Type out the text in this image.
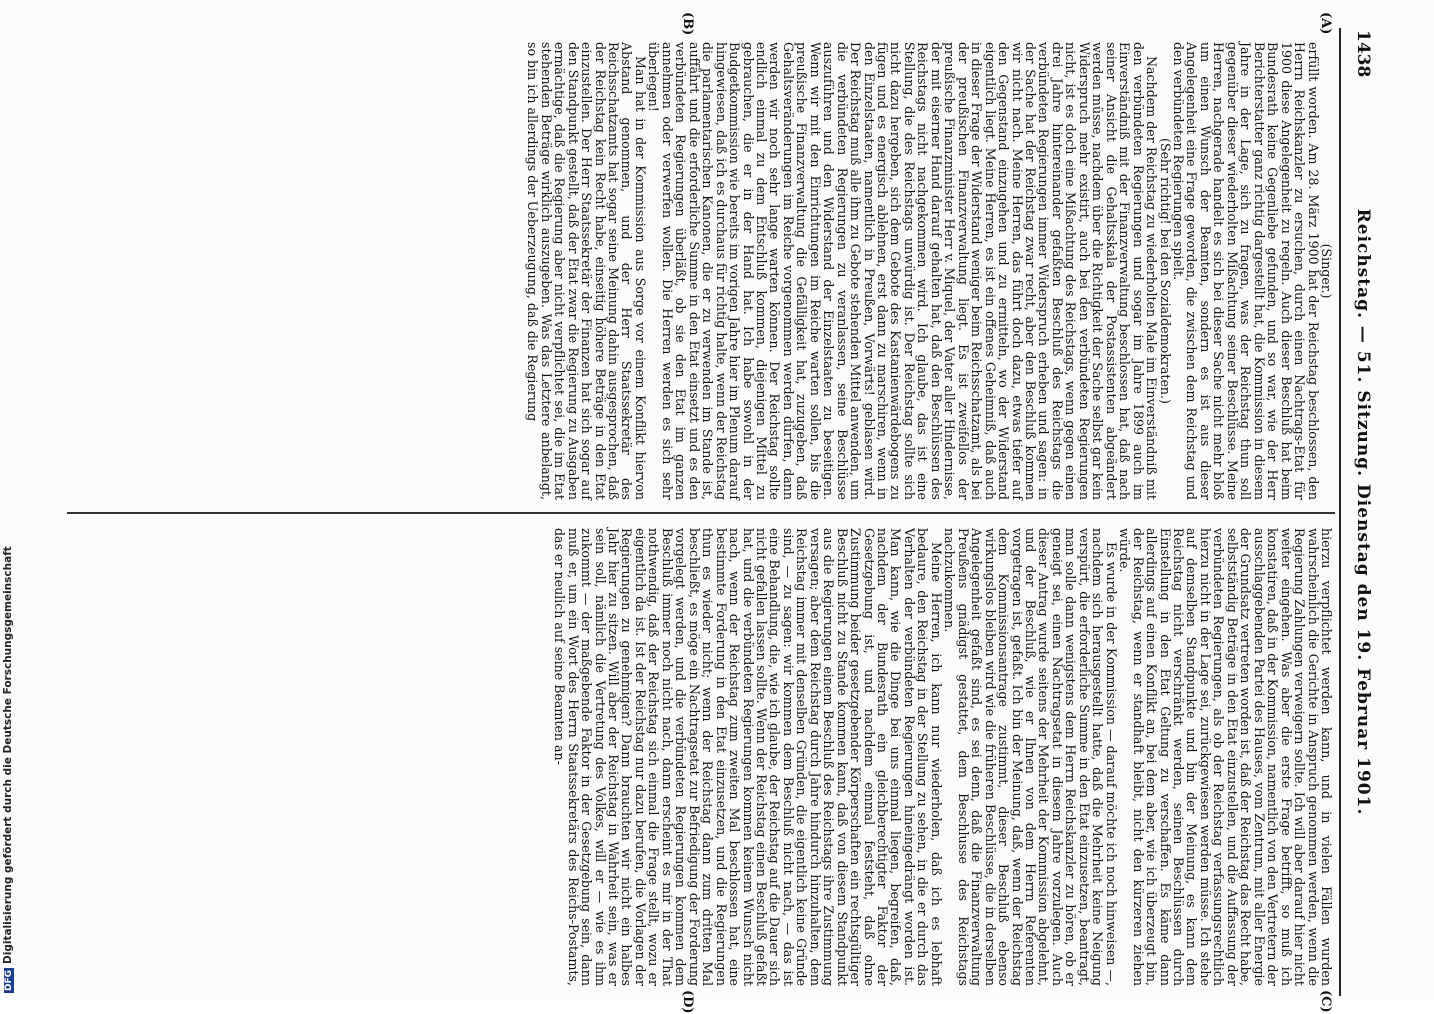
1438
Reichstag. — 51. Sitzung. Dienstag den 19. Februar 1901.
(A)
(B)
(C)
(D)

(Singer.)

erfüllt worden. Am 28. März 1900 hat der Reichstag beschlossen, den Herrn Reichskanzler zu ersuchen, durch einen Nachtrags-Etat für 1900 diese Angelegenheit zu regeln. Auch dieser Beschluß hat beim Bundesrath keine Gegenliebe gefunden, und so war, wie der Herr Berichterstatter ganz richtig dargestellt hat, die Kommission in diesem Jahre in der Lage, sich zu fragen, was der Reichstag thun soll gegenüber dieser wiederholten Mißachtung seiner Beschlüsse. Meine Herren, nachgerade handelt es sich bei dieser Sache nicht mehr bloß um einen Wunsch der Beamten, sondern es ist aus dieser Angelegenheit eine Frage geworden, die zwischen dem Reichstag und den verbündeten Regierungen spielt.

(Sehr richtig! bei den Sozialdemokraten.)

Nachdem der Reichstag zu wiederholten Male im Einverständniß mit den verbündeten Regierungen und sogar im Jahre 1899 auch im Einverständniß mit der Finanzverwaltung beschlossen hat, daß nach seiner Ansicht die Gehaltsskala der Postassistenten abgeändert werden müsse, nachdem über die Richtigkeit der Sache selbst gar kein Widerspruch mehr existirt, auch bei den verbündeten Regierungen nicht, ist es doch eine Mißachtung des Reichstags, wenn gegen einen drei Jahre hintereinander gefaßten Beschluß des Reichstags die verbündeten Regierungen immer Widerspruch erheben und sagen: in der Sache hat der Reichstag zwar recht, aber den Beschluß kommen wir nicht nach. Meine Herren, das führt doch dazu, etwas tiefer auf den Gegenstand einzugehen und zu ermitteln, wo der Widerstand eigentlich liegt. Meine Herren, es ist ein offenes Geheimniß, daß auch in dieser Frage der Widerstand weniger beim Reichsschatzamt, als bei der preußischen Finanzverwaltung liegt. Es ist zweifellos der preußische Finanzminister Herr v. Miquel, der Vater aller Hindernisse, der mit eiserner Hand darauf gehalten hat, daß den Beschlüssen des Reichstags nicht nachgekommen wird. Ich glaube, das ist eine Stellung, die des Reichstags unwürdig ist. Der Reichstag sollte sich nicht dazu hergeben, sich dem Gebote des Kastanienwärdebogens zu fügen und es energisch ablehnen, erst dann zu marschiren, wenn in den Einzelstaaten, namentlich in Preußen, Vorwärts! geblasen wird. Der Reichstag muß alle ihm zu Gebote stehenden Mittel anwenden, um die verbündeten Regierungen zu veranlassen, seine Beschlüsse auszuführen und den Widerstand der Einzelstaaten zu beseitigen. Wenn wir mit den Einrichtungen im Reiche warten sollen, bis die preußische Finanzverwaltung die Gefälligkeit hat, zuzugeben, daß Gehaltsveränderungen im Reiche vorgenommen werden dürfen, dann werden wir noch sehr lange warten können. Der Reichstag sollte endlich einmal zu dem Entschluß kommen, diejenigen Mittel zu gebrauchen, die er in der Hand hat. Ich habe sowohl in der Budgetkommission wie bereits im vorigen Jahre hier im Plenum darauf hingewiesen, daß ich es durchaus für richtig halte, wenn der Reichstag die parlamentarischen Kanonen, die er zu verwenden im Stande ist, auffährt und die erforderliche Summe in den Etat einsetzt und es den verbündeten Regierungen überläßt, ob sie den Etat im ganzen annehmen oder verwerfen wollen. Die Herren werden es sich sehr überlegen!

Man hat in der Kommission aus Sorge vor einem Konflikt hiervon Abstand genommen, und der Herr Staatssekretär des Reichsschatzamts hat sogar seine Meinung dahin ausgesprochen, daß der Reichstag kein Recht habe, einseitig höhere Beträge in den Etat einzustellen. Der Herr Staatssekretär der Finanzen hat sich sogar auf den Standpunkt gestellt, daß der Etat zwar die Regierung zu Ausgaben ermächtige, daß die Regierung aber nicht verpflichtet sei, die im Etat stehenden Beträge wirklich auszugeben. Was das Letztere anbelangt, so bin ich allerdings der Ueberzeugung, daß die Regierung

hierzu verpflichtet werden kann, und in vielen Fällen wurden wahrscheinlich die Gerichte in Anspruch genommen werden, wenn die Regierung Zahlungen verweigern sollte. Ich will aber darauf hier nicht weiter eingehen. Was aber die erste Frage betrifft, so muß ich konstatiren, daß in der Kommission, namentlich von den Vertretern der ausschlaggebenden Partei des Hauses, vom Zentrum, mit aller Energie der Grundsatz vertreten worden ist, daß der Reichstag das Recht habe, selbstständig Beträge in den Etat einzustellen, und die Auffassung der verbündeten Regierungen, als ob der Reichstag verfassungsrechtlich hierzu nicht in der Lage sei, zurückgewiesen werden müsse. Ich stehe auf demselben Standpunkte und bin der Meinung, es kann dem Reichstag nicht verschränkt werden, seinen Beschlüssen durch Einstellung in den Etat Geltung zu verschaffen. Es käme dann allerdings auf einen Konflikt an, bei dem aber, wie ich überzeugt bin, der Reichstag, wenn er standhaft bleibt, nicht den kürzeren ziehen würde.

Es wurde in der Kommission — darauf möchte ich noch hinweisen —, nachdem sich herausgestellt hatte, daß die Mehrheit keine Neigung verspürt, die erforderliche Summe in den Etat einzusetzen, beantragt, man solle dann wenigstens dem Herrn Reichskanzler zu hören, ob er geneigt sei, einen Nachtragsetat in diesem Jahre vorzulegen. Auch dieser Antrag wurde seitens der Mehrheit der Kommission abgelehnt, und der Beschluß, wie er Ihnen von dem Herrn Referenten vorgetragen ist, gefaßt. Ich bin der Meinung, daß, wenn der Reichstag dem Kommissionsantrage zustimmt, dieser Beschluß ebenso wirkungslos bleiben wird wie die früheren Beschlüsse, die in derselben Angelegenheit gefaßt sind, es sei denn, daß die Finanzverwaltung Preußens gnädigst gestattet, dem Beschlusse des Reichstags nachzukommen.

Meine Herren, ich kann nur wiederholen, daß ich es lebhaft bedaure, den Reichstag in der Stellung zu sehen, in die er durch das Verhalten der verbündeten Regierungen hineingedrängt worden ist. Man kann, wie die Dinge bei uns einmal liegen, begreifen, daß, nachdem der Bundesrath ein gleichberechtigter Faktor der Gesetzgebung ist, und nachdem einmal feststeht, daß ohne Zustimmung beider gesetzgebender Körperschaften ein rechtsgültiger Beschluß nicht zu Stande kommen kann, daß von diesem Standpunkt aus die Regierungen einem Beschluß des Reichstags ihre Zustimmung versagen; aber dem Reichstag durch Jahre hindurch hinzuhalten, dem Reichstag immer mit denselben Gründen, die eigentlich keine Gründe sind, — zu sagen: wir kommen dem Beschluß nicht nach, — das ist eine Behandlung, die, wie ich glaube, der Reichstag auf die Dauer sich nicht gefallen lassen sollte. Wenn der Reichstag einen Beschluß gefaßt hat, und die verbündeten Regierungen kommen keinem Wunsch nicht nach, wenn der Reichstag zum zweiten Mal beschlossen hat, eine bestimmte Forderung in den Etat einzusetzen, und die Regierungen thun es wieder nicht; wenn der Reichstag dann zum dritten Mal beschließt, es möge ein Nachtragsetat zur Befriedigung der Forderung vorgelegt werden, und die verbündeten Regierungen kommen dem Beschluß immer noch nicht nach, dann erscheint es mir in der That nothwendig, daß der Reichstag sich einmal die Frage stellt, wozu er eigentlich da ist. Ist der Reichstag nur dazu berufen, die Vorlagen der Regierungen zu genehmigen? Dann brauchten wir nicht ein halbes Jahr hier zu sitzen. Will aber der Reichstag in Wahrheit sein, was er sein soll, nämlich die Vertretung des Volkes, will er — wie es ihm zukommt — der maßgebende Faktor in der Gesetzgebung sein, dann muß er, um ein Wort des Herrn Staatssekretärs des Reichs-Postamts, das er neulich auf seine Beamten an-

DFGDigitalisierung gefördert durch die Deutsche Forschungsgemeinschaft
